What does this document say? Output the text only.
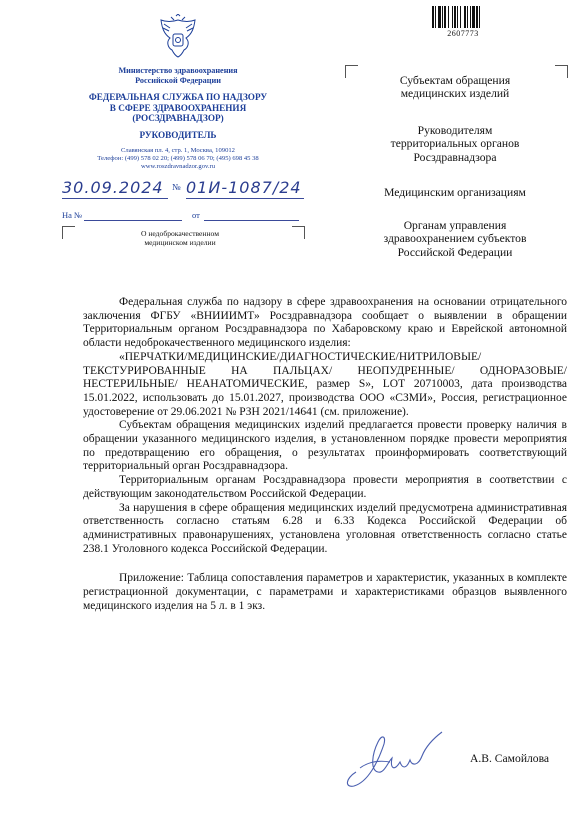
2607773
Министерство здравоохранения
Российской Федерации
ФЕДЕРАЛЬНАЯ СЛУЖБА ПО НАДЗОРУ
В СФЕРЕ ЗДРАВООХРАНЕНИЯ
(РОСЗДРАВНАДЗОР)
РУКОВОДИТЕЛЬ
Славянская пл. 4, стр. 1, Москва, 109012
Телефон: (499) 578 02 20; (499) 578 06 70; (495) 698 45 38
www.roszdravnadzor.gov.ru
30.09.2024 № 01И-1087/24
На №	от
О недоброкачественном
медицинском изделии
Субъектам обращения
медицинских изделий
Руководителям
территориальных органов
Росздравнадзора
Медицинским организациям
Органам управления
здравоохранением субъектов
Российской Федерации

Федеральная служба по надзору в сфере здравоохранения на основании отрицательного заключения ФГБУ «ВНИИИМТ» Росздравнадзора сообщает о выявлении в обращении Территориальным органом Росздравнадзора по Хабаровскому краю и Еврейской автономной области недоброкачественного медицинского изделия:

«ПЕРЧАТКИ/МЕДИЦИНСКИЕ/ДИАГНОСТИЧЕСКИЕ/НИТРИЛОВЫЕ/ ТЕКСТУРИРОВАННЫЕ НА ПАЛЬЦАХ/ НЕОПУДРЕННЫЕ/ ОДНОРАЗОВЫЕ/ НЕСТЕРИЛЬНЫЕ/ НЕАНАТОМИЧЕСКИЕ, размер S», LOT 20710003, дата производства 15.01.2022, использовать до 15.01.2027, производства ООО «СЗМИ», Россия, регистрационное удостоверение от 29.06.2021 № РЗН 2021/14641 (см. приложение).

Субъектам обращения медицинских изделий предлагается провести проверку наличия в обращении указанного медицинского изделия, в установленном порядке провести мероприятия по предотвращению его обращения, о результатах проинформировать соответствующий территориальный орган Росздравнадзора.

Территориальным органам Росздравнадзора провести мероприятия в соответствии с действующим законодательством Российской Федерации.

За нарушения в сфере обращения медицинских изделий предусмотрена административная ответственность согласно статьям 6.28 и 6.33 Кодекса Российской Федерации об административных правонарушениях, установлена уголовная ответственность согласно статье 238.1 Уголовного кодекса Российской Федерации.

Приложение: Таблица сопоставления параметров и характеристик, указанных в комплекте регистрационной документации, с параметрами и характеристиками образцов выявленного медицинского изделия на 5 л. в 1 экз.

А.В. Самойлова
